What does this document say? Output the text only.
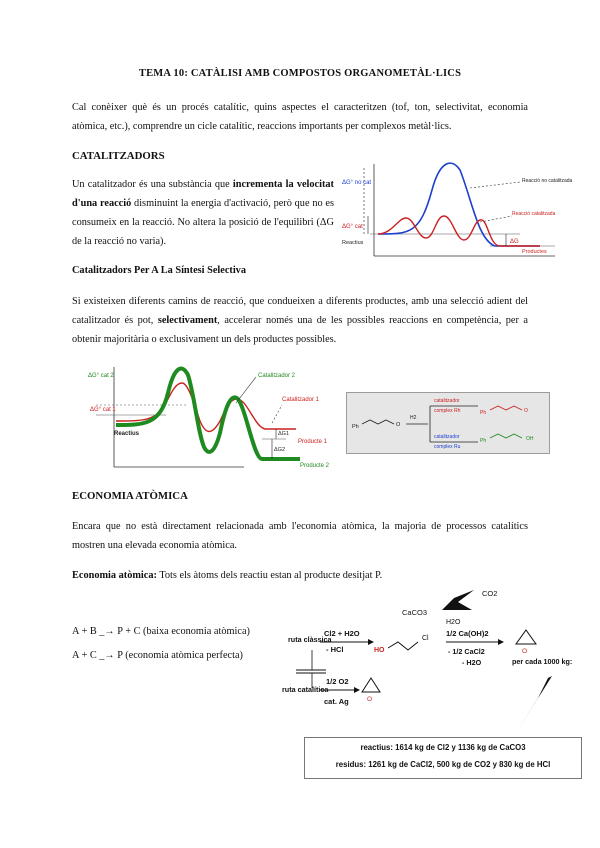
TEMA 10: CATÀLISI AMB COMPOSTOS ORGANOMETÀL·LICS
Cal conèixer què és un procés catalític, quins aspectes el caracteritzen (tof, ton, selectivitat, economia atòmica, etc.), comprendre un cicle catalític, reaccions importants per complexos metàl·lics.
CATALITZADORS
Un catalitzador és una substància que incrementa la velocitat d'una reacció disminuint la energia d'activació, però que no es consumeix en la reacció. No altera la posició de l'equilibri (ΔG de la reacció no varia).
ΔG° no cat
ΔG° cat
Reacció no catalitzada
Reacció catalitzada
Reactius
Productes
ΔG
Catalitzadors Per A La Síntesi Selectiva
Si existeixen diferents camins de reacció, que condueixen a diferents productes, amb una selecció adient del catalitzador és pot, selectivament, accelerar només una de les possibles reaccions en competència, per a obtenir majoritària o exclusivament un dels productes possibles.
ΔG° cat 2
ΔG° cat 1
Reactius
Catalitzador 2
Catalitzador 1
Producte 1
Producte 2
ΔG1
ΔG2
Ph	O
H2
catalitzador
complex Rh
catalitzador
complex Ru
Ph	O
Ph	OH
ECONOMIA ATÒMICA
Encara que no està directament relacionada amb l'economia atòmica, la majoria de processos catalítics mostren una elevada economia atòmica.
Economia atòmica: Tots els àtoms dels reactiu estan al producte desitjat P.
A + B _→ P + C (baixa economia atòmica)
A + C _→ P (economia atòmica perfecta)
ruta clàssica
ruta catalítica
Cl2 + H2O
- HCl	HO
Cl
CaCO3
CO2
H2O
1/2 Ca(OH)2
- 1/2 CaCl2
- H2O
O
per cada 1000 kg:
1/2 O2
cat. Ag	O
reactius: 1614 kg de Cl2 y 1136 kg de CaCO3
residus: 1261 kg de CaCl2, 500 kg de CO2 y 830 kg de HCl
